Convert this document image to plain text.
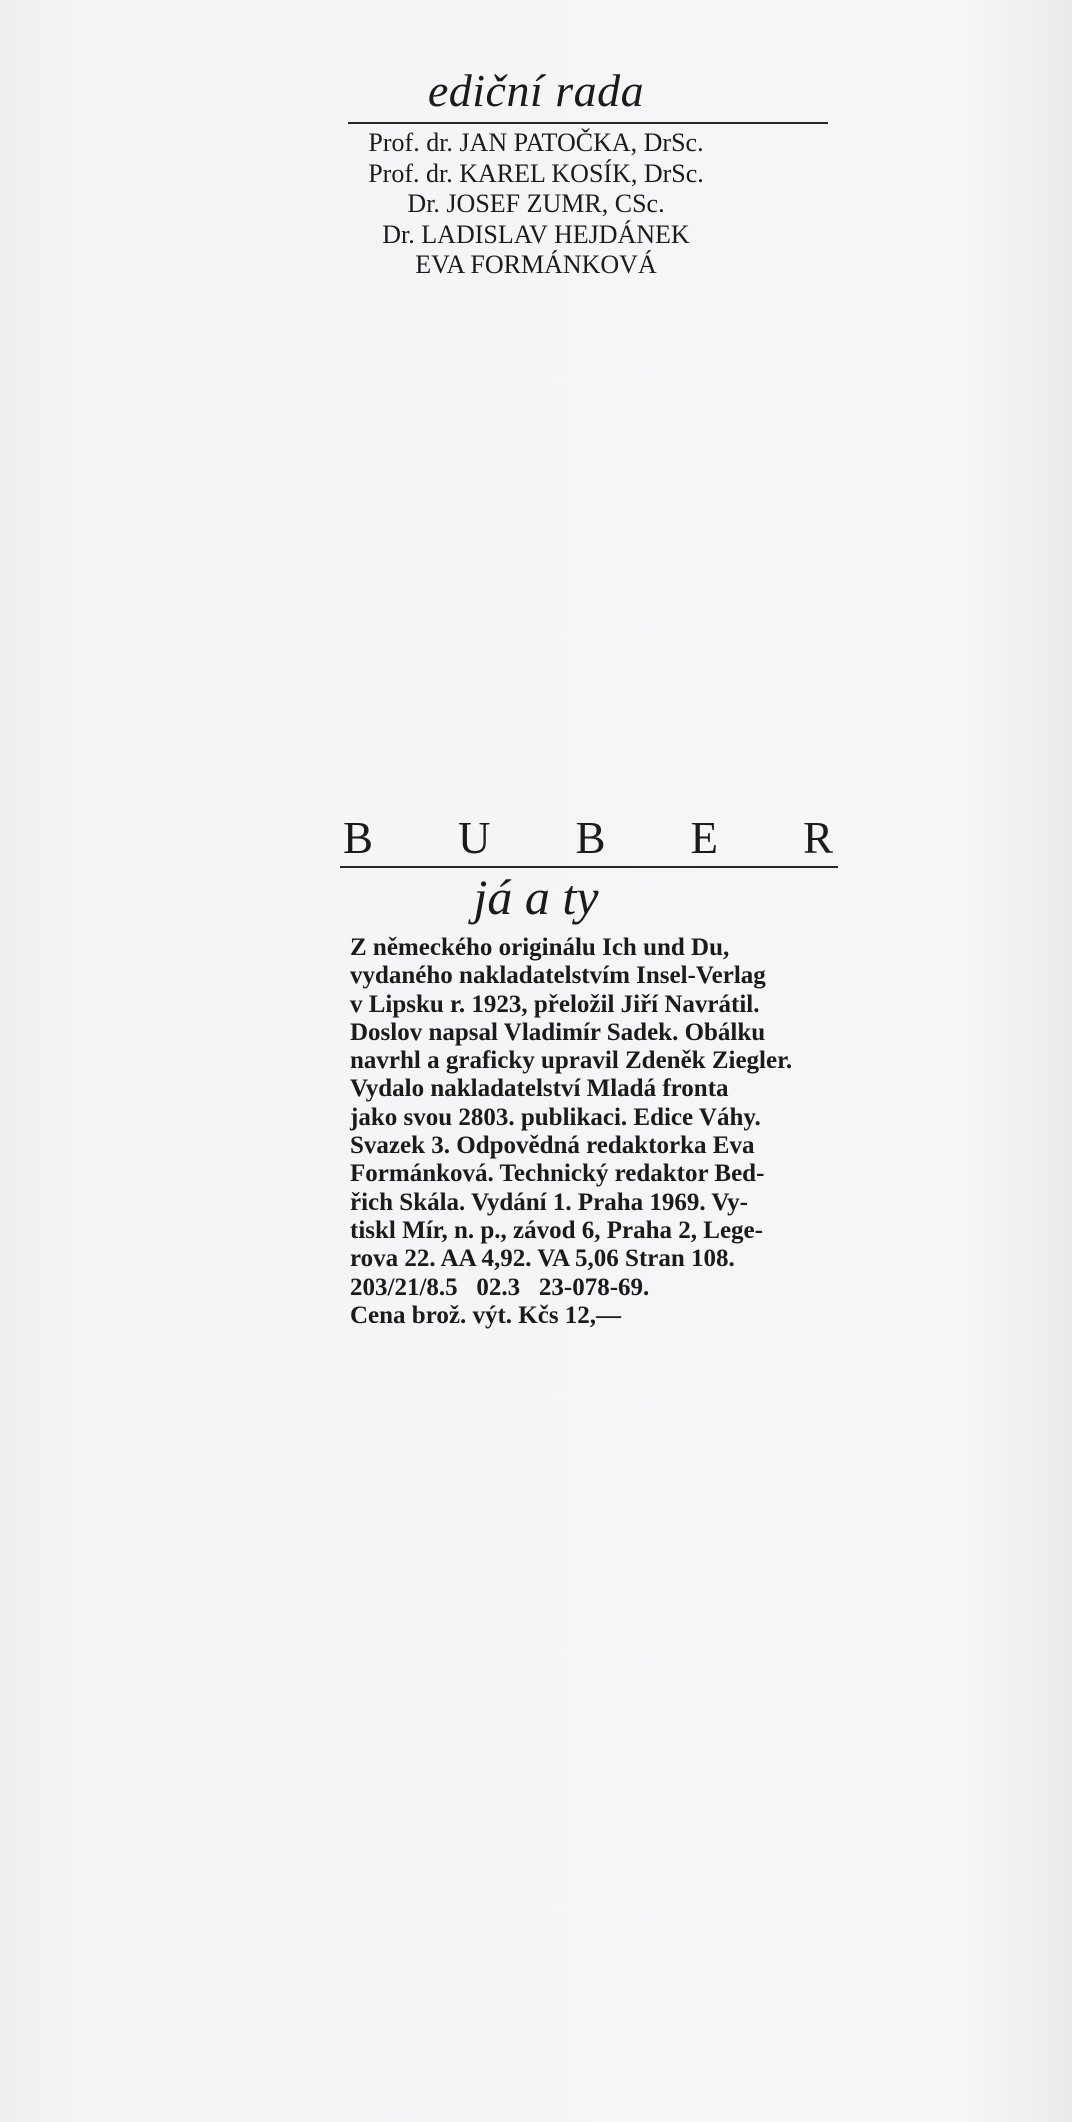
ediční rada
Prof. dr. JAN PATOČKA, DrSc.
Prof. dr. KAREL KOSÍK, DrSc.
Dr. JOSEF ZUMR, CSc.
Dr. LADISLAV HEJDÁNEK
EVA FORMÁNKOVÁ
B U B E R
já a ty
Z německého originálu Ich und Du,
vydaného nakladatelstvím Insel-Verlag
v Lipsku r. 1923, přeložil Jiří Navrátil.
Doslov napsal Vladimír Sadek. Obálku
navrhl a graficky upravil Zdeněk Ziegler.
Vydalo nakladatelství Mladá fronta
jako svou 2803. publikaci. Edice Váhy.
Svazek 3. Odpovědná redaktorka Eva
Formánková. Technický redaktor Bed-
řich Skála. Vydání 1. Praha 1969. Vy-
tiskl Mír, n. p., závod 6, Praha 2, Lege-
rova 22. AA 4,92. VA 5,06 Stran 108.
203/21/8.5   02.3   23-078-69.
Cena brož. výt. Kčs 12,—
